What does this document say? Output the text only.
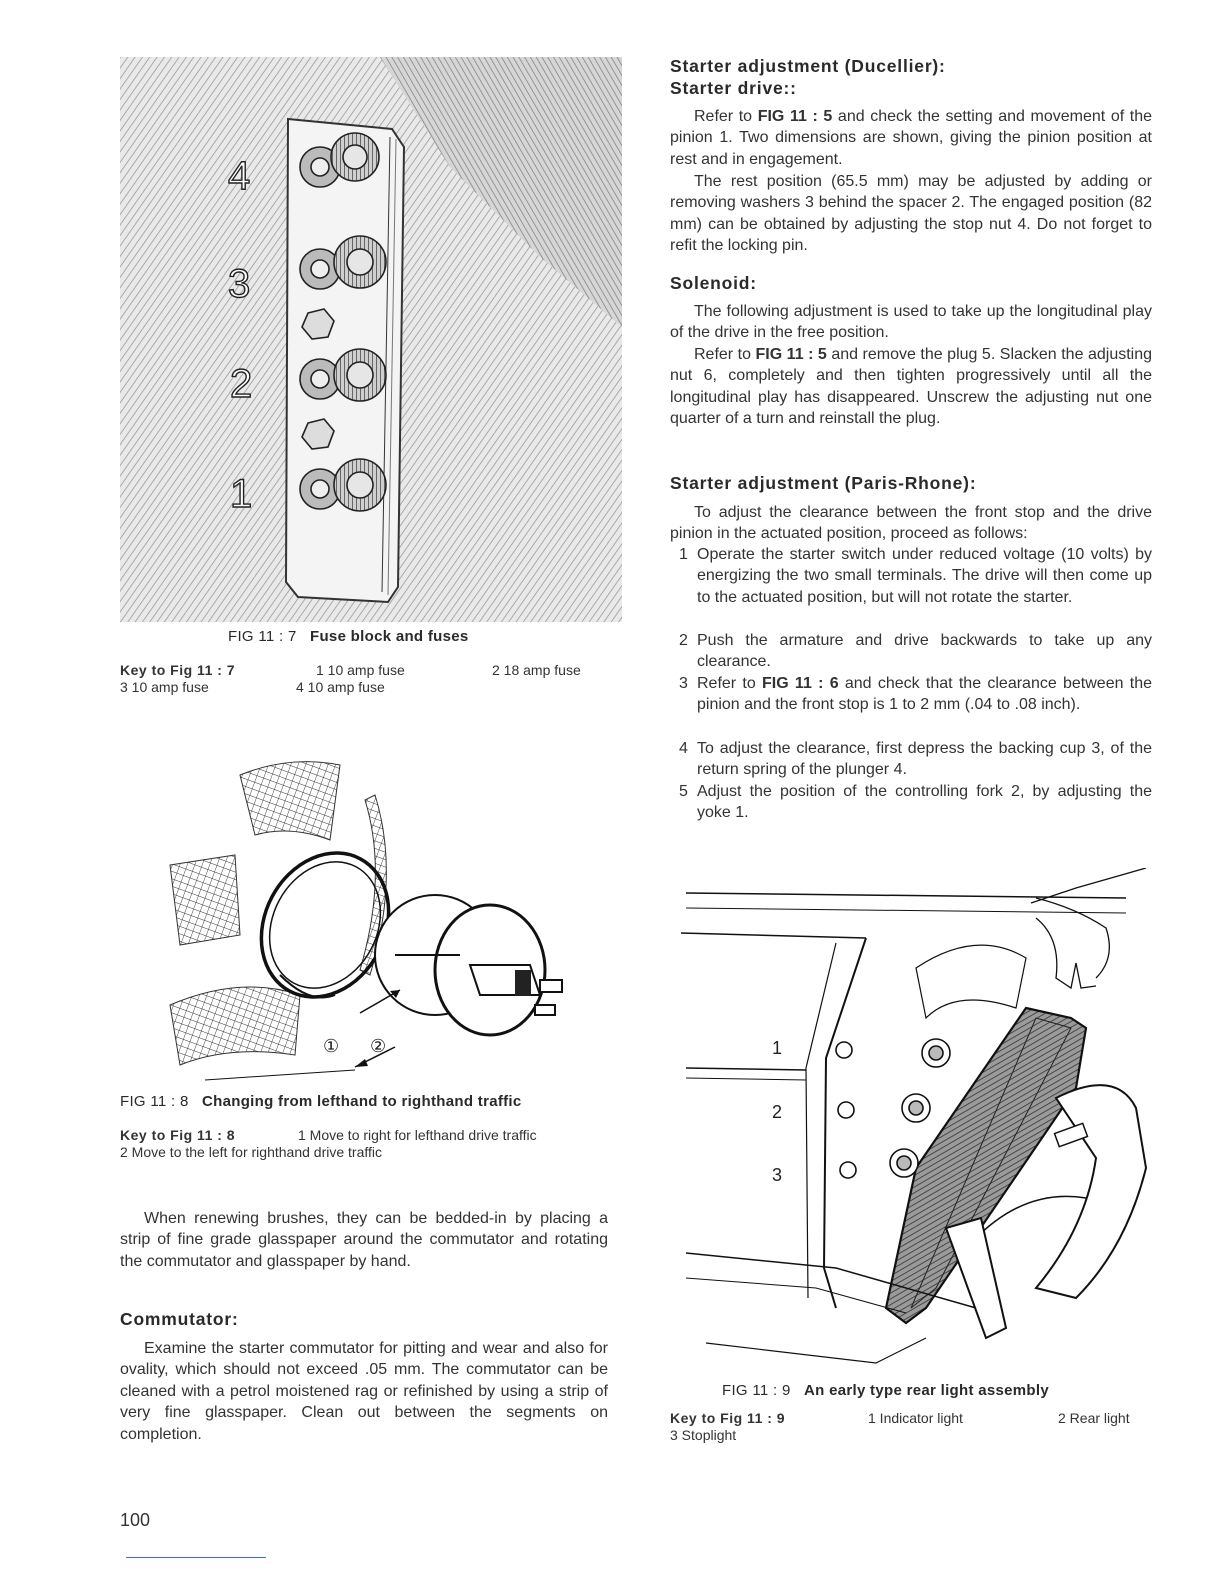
4
3
2
1
FIG 11 : 7 Fuse block and fuses
Key to Fig 11 : 7	1 10 amp fuse	2 18 amp fuse
3 10 amp fuse	4 10 amp fuse
① ②
FIG 11 : 8 Changing from lefthand to righthand traffic
Key to Fig 11 : 8	1 Move to right for lefthand drive traffic
2 Move to the left for righthand drive traffic
When renewing brushes, they can be bedded-in by placing a strip of fine grade glasspaper around the commutator and rotating the commutator and glasspaper by hand.
Commutator:
Examine the starter commutator for pitting and wear and also for ovality, which should not exceed .05 mm. The commutator can be cleaned with a petrol moistened rag or refinished by using a strip of very fine glasspaper. Clean out between the segments on completion.
100
Starter adjustment (Ducellier):
Starter drive::
Refer to FIG 11 : 5 and check the setting and movement of the pinion 1. Two dimensions are shown, giving the pinion position at rest and in engagement.
The rest position (65.5 mm) may be adjusted by adding or removing washers 3 behind the spacer 2. The engaged position (82 mm) can be obtained by adjusting the stop nut 4. Do not forget to refit the locking pin.
Solenoid:
The following adjustment is used to take up the longitudinal play of the drive in the free position.
Refer to FIG 11 : 5 and remove the plug 5. Slacken the adjusting nut 6, completely and then tighten progressively until all the longitudinal play has disappeared. Unscrew the adjusting nut one quarter of a turn and reinstall the plug.
Starter adjustment (Paris-Rhone):
To adjust the clearance between the front stop and the drive pinion in the actuated position, proceed as follows:
1 Operate the starter switch under reduced voltage (10 volts) by energizing the two small terminals. The drive will then come up to the actuated position, but will not rotate the starter.
2 Push the armature and drive backwards to take up any clearance.
3 Refer to FIG 11 : 6 and check that the clearance between the pinion and the front stop is 1 to 2 mm (.04 to .08 inch).
4 To adjust the clearance, first depress the backing cup 3, of the return spring of the plunger 4.
5 Adjust the position of the controlling fork 2, by adjusting the yoke 1.
1
2
3
FIG 11 : 9 An early type rear light assembly
Key to Fig 11 : 9	1 Indicator light	2 Rear light
3 Stoplight
